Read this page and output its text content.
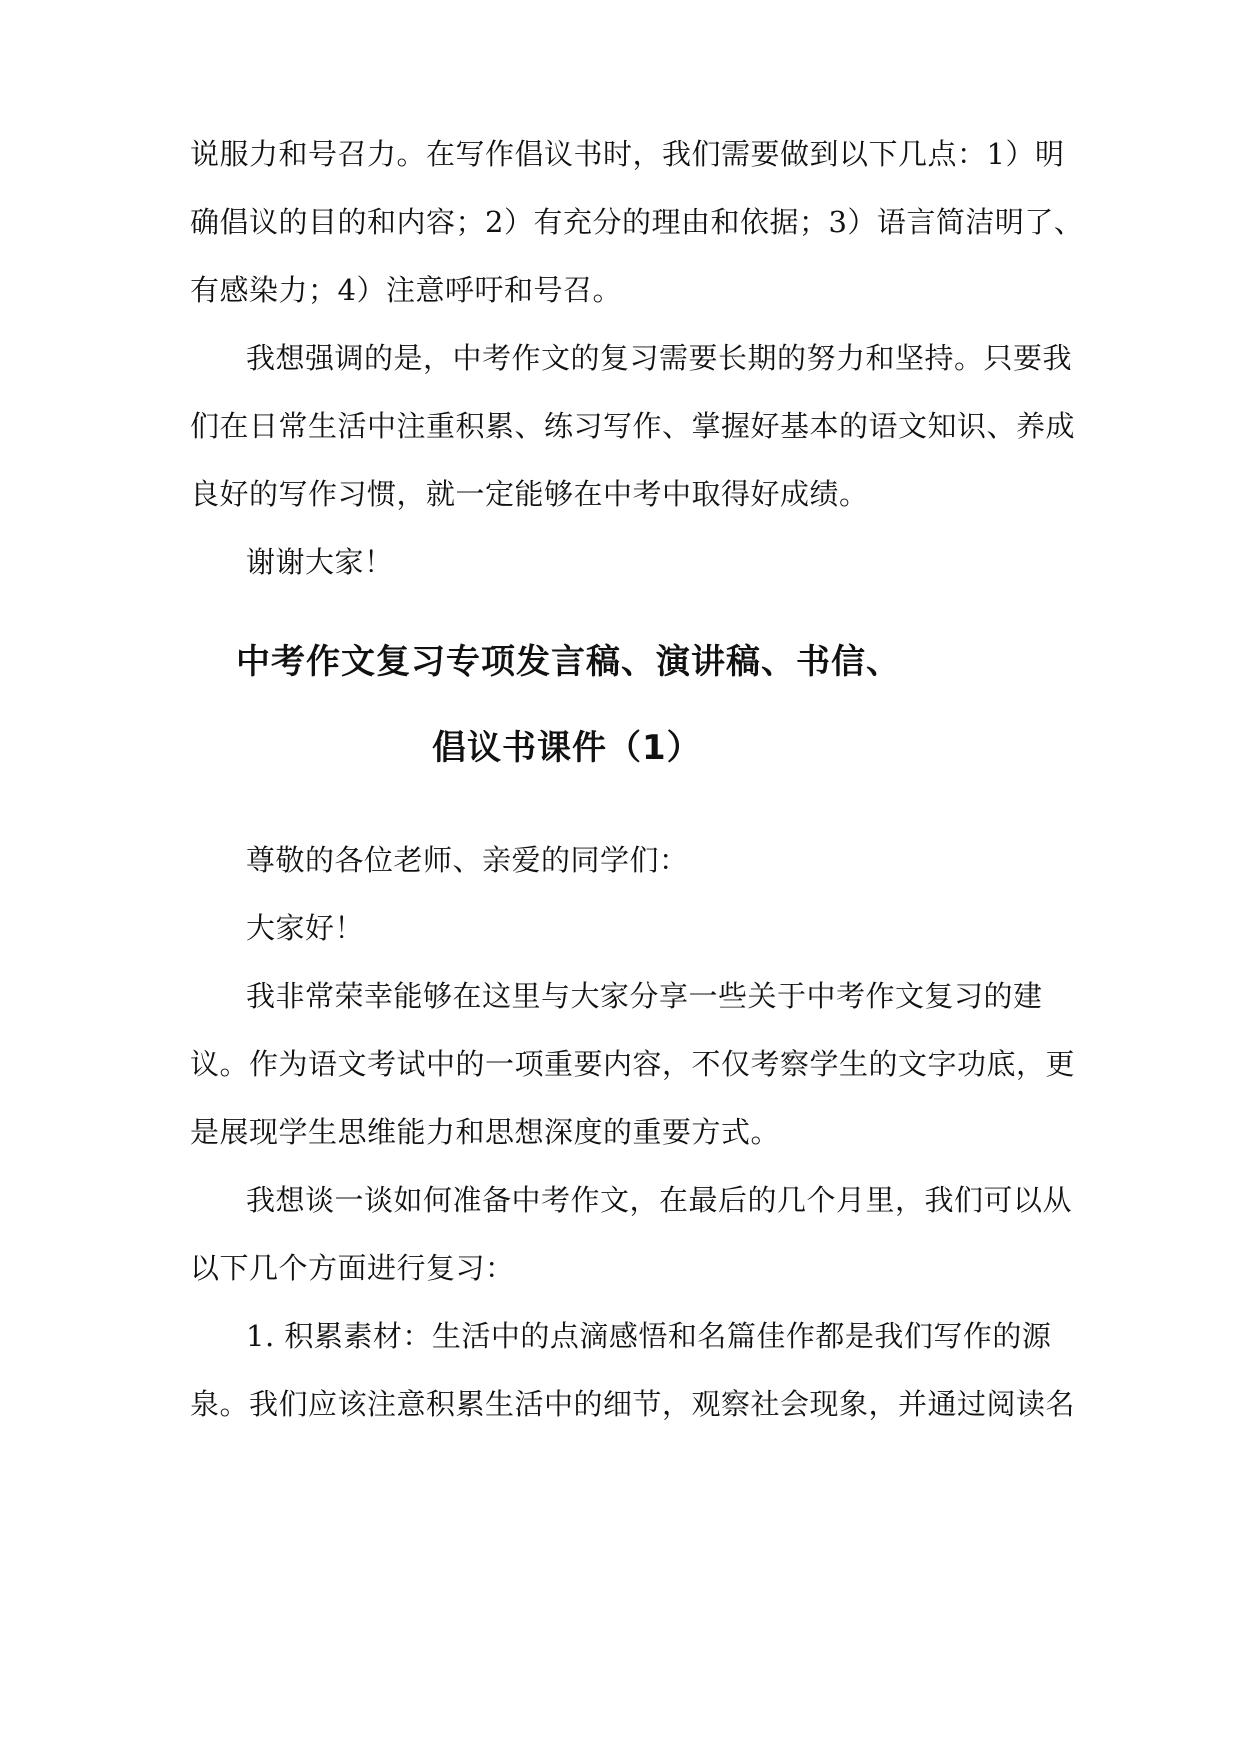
说服力和号召力。在写作倡议书时，我们需要做到以下几点：1）明
确倡议的目的和内容；2）有充分的理由和依据；3）语言简洁明了、
有感染力；4）注意呼吁和号召。
我想强调的是，中考作文的复习需要长期的努力和坚持。只要我
们在日常生活中注重积累、练习写作、掌握好基本的语文知识、养成
良好的写作习惯，就一定能够在中考中取得好成绩。
谢谢大家！
中考作文复习专项发言稿、演讲稿、书信、
倡议书课件（1）
尊敬的各位老师、亲爱的同学们：
大家好！
我非常荣幸能够在这里与大家分享一些关于中考作文复习的建
议。作为语文考试中的一项重要内容，不仅考察学生的文字功底，更
是展现学生思维能力和思想深度的重要方式。
我想谈一谈如何准备中考作文，在最后的几个月里，我们可以从
以下几个方面进行复习：
1. 积累素材：生活中的点滴感悟和名篇佳作都是我们写作的源
泉。我们应该注意积累生活中的细节，观察社会现象，并通过阅读名
